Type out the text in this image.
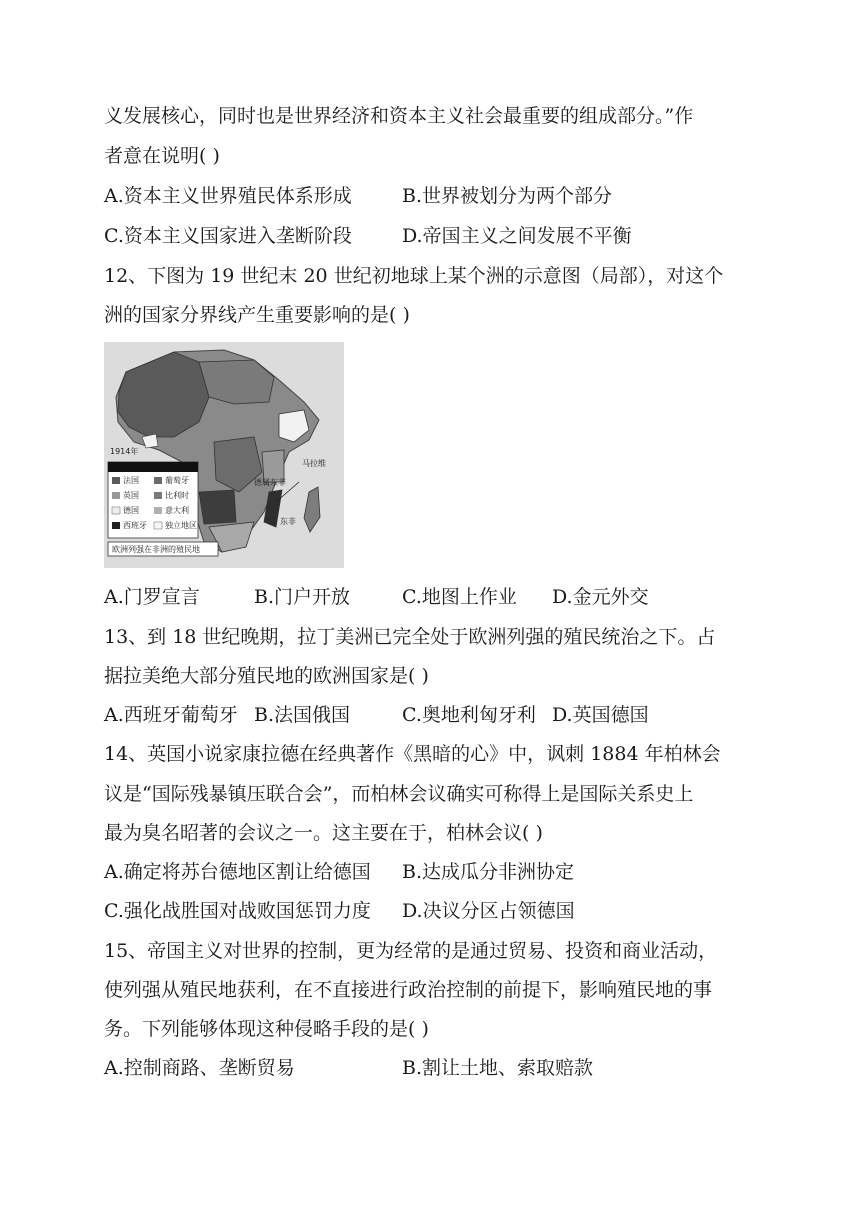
义发展核心，同时也是世界经济和资本主义社会最重要的组成部分。”作
者意在说明( )
A.资本主义世界殖民体系形成	B.世界被划分为两个部分
C.资本主义国家进入垄断阶段	D.帝国主义之间发展不平衡
12、下图为 19 世纪末 20 世纪初地球上某个洲的示意图（局部），对这个
洲的国家分界线产生重要影响的是( )
法国	葡萄牙
英国	比利时
德国	意大利
西班牙 独立地区
1914年
马拉维
德属东非
东非
欧洲列强在非洲的殖民地
A.门罗宣言	B.门户开放	C.地图上作业 D.金元外交
13、到 18 世纪晚期，拉丁美洲已完全处于欧洲列强的殖民统治之下。占
据拉美绝大部分殖民地的欧洲国家是( )
A.西班牙葡萄牙 B.法国俄国	C.奥地利匈牙利 D.英国德国
14、英国小说家康拉德在经典著作《黑暗的心》中，讽刺 1884 年柏林会
议是“国际残暴镇压联合会”，而柏林会议确实可称得上是国际关系史上
最为臭名昭著的会议之一。这主要在于，柏林会议( )
A.确定将苏台德地区割让给德国 B.达成瓜分非洲协定
C.强化战胜国对战败国惩罚力度 D.决议分区占领德国
15、帝国主义对世界的控制，更为经常的是通过贸易、投资和商业活动，
使列强从殖民地获利，在不直接进行政治控制的前提下，影响殖民地的事
务。下列能够体现这种侵略手段的是( )
A.控制商路、垄断贸易	B.割让土地、索取赔款
